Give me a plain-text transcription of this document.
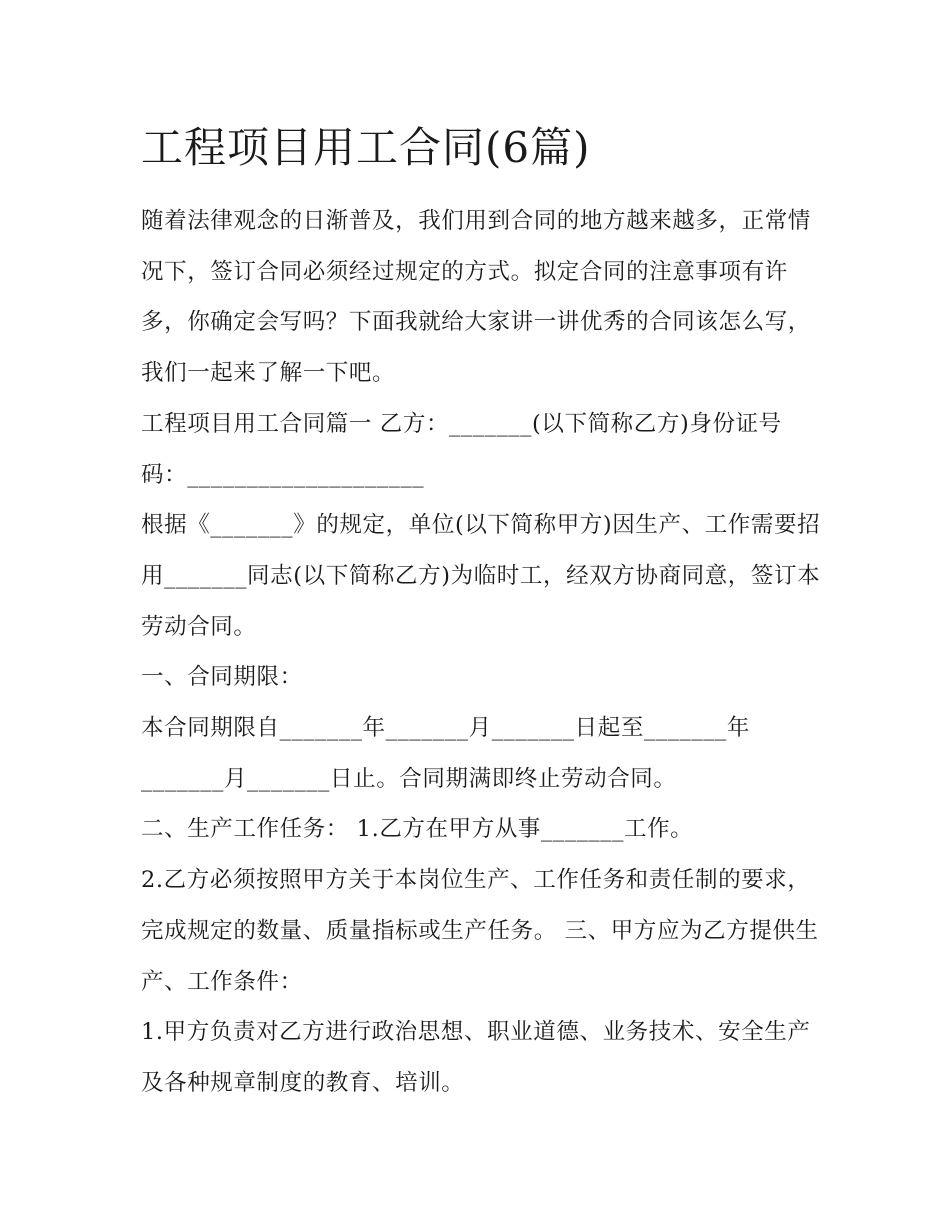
工程项目用工合同(6篇)

随着法律观念的日渐普及，我们用到合同的地方越来越多，正常情况下，签订合同必须经过规定的方式。拟定合同的注意事项有许多，你确定会写吗？下面我就给大家讲一讲优秀的合同该怎么写，我们一起来了解一下吧。

工程项目用工合同篇一 乙方：_______(以下简称乙方)身份证号码：____________________

根据《_______》的规定，单位(以下简称甲方)因生产、工作需要招用_______同志(以下简称乙方)为临时工，经双方协商同意，签订本劳动合同。

一、合同期限：

本合同期限自_______年_______月_______日起至_______年_______月_______日止。合同期满即终止劳动合同。

二、生产工作任务： 1.乙方在甲方从事_______工作。

2.乙方必须按照甲方关于本岗位生产、工作任务和责任制的要求，完成规定的数量、质量指标或生产任务。 三、甲方应为乙方提供生产、工作条件：

1.甲方负责对乙方进行政治思想、职业道德、业务技术、安全生产及各种规章制度的教育、培训。
